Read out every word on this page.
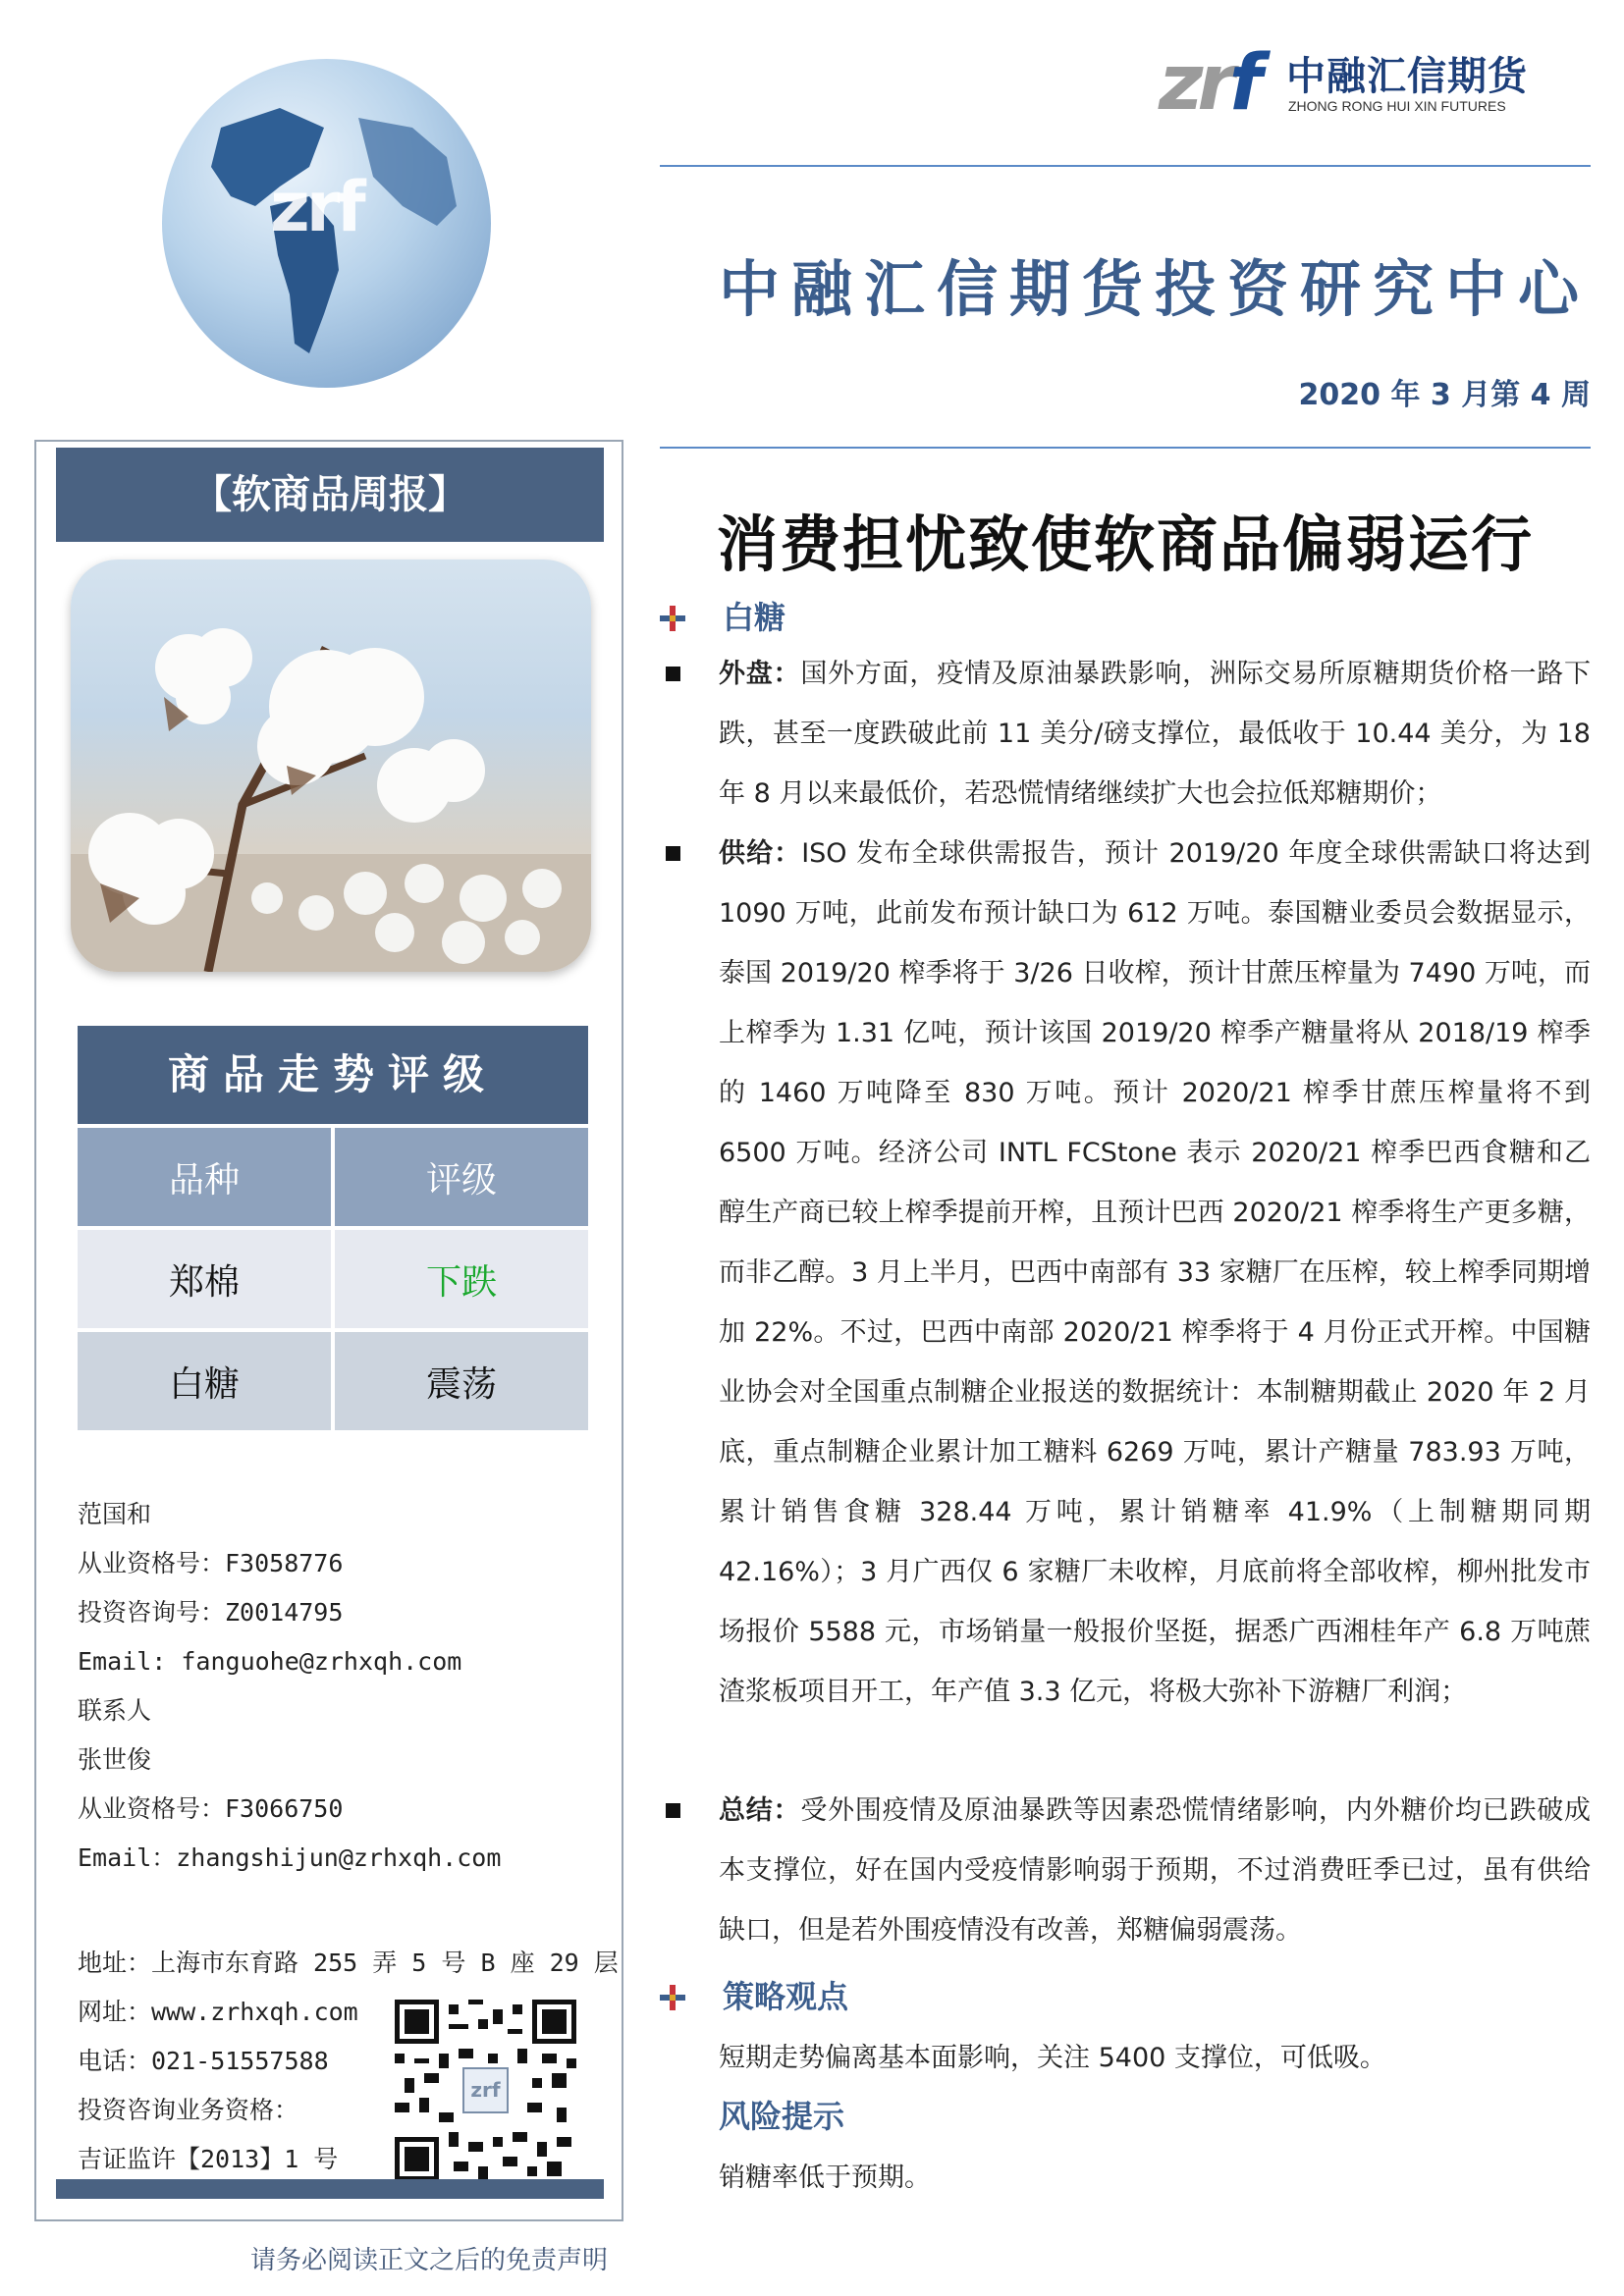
zrf
zrf 中融汇信期货
ZHONG RONG HUI XIN FUTURES
中融汇信期货投资研究中心
2020 年 3 月第 4 周
消费担忧致使软商品偏弱运行
【软商品周报】
商品走势评级
品种	评级
郑棉	下跌
白糖	震荡
范国和
从业资格号：F3058776
投资咨询号：Z0014795
Email: fanguohe@zrhxqh.com
联系人
张世俊
从业资格号：F3066750
Email：zhangshijun@zrhxqh.com
地址：上海市东育路 255 弄 5 号 B 座 29 层
网址：www.zrhxqh.com
电话：021-51557588
投资咨询业务资格：
吉证监许【2013】1 号
zrf
请务必阅读正文之后的免责声明
白糖
外盘：国外方面，疫情及原油暴跌影响，洲际交易所原糖期货价格一路下跌，甚至一度跌破此前 11 美分/磅支撑位，最低收于 10.44 美分，为 18 年 8 月以来最低价，若恐慌情绪继续扩大也会拉低郑糖期价；
供给：ISO 发布全球供需报告，预计 2019/20 年度全球供需缺口将达到 1090 万吨，此前发布预计缺口为 612 万吨。泰国糖业委员会数据显示，泰国 2019/20 榨季将于 3/26 日收榨，预计甘蔗压榨量为 7490 万吨，而上榨季为 1.31 亿吨，预计该国 2019/20 榨季产糖量将从 2018/19 榨季的 1460 万吨降至 830 万吨。预计 2020/21 榨季甘蔗压榨量将不到 6500 万吨。经济公司 INTL FCStone 表示 2020/21 榨季巴西食糖和乙醇生产商已较上榨季提前开榨，且预计巴西 2020/21 榨季将生产更多糖，而非乙醇。3 月上半月，巴西中南部有 33 家糖厂在压榨，较上榨季同期增加 22%。不过，巴西中南部 2020/21 榨季将于 4 月份正式开榨。中国糖业协会对全国重点制糖企业报送的数据统计：本制糖期截止 2020 年 2 月底，重点制糖企业累计加工糖料 6269 万吨，累计产糖量 783.93 万吨，累计销售食糖 328.44 万吨，累计销糖率 41.9%（上制糖期同期 42.16%）；3 月广西仅 6 家糖厂未收榨，月底前将全部收榨，柳州批发市场报价 5588 元，市场销量一般报价坚挺，据悉广西湘桂年产 6.8 万吨蔗渣浆板项目开工，年产值 3.3 亿元，将极大弥补下游糖厂利润；
总结：受外围疫情及原油暴跌等因素恐慌情绪影响，内外糖价均已跌破成本支撑位，好在国内受疫情影响弱于预期，不过消费旺季已过，虽有供给缺口，但是若外围疫情没有改善，郑糖偏弱震荡。
策略观点
短期走势偏离基本面影响，关注 5400 支撑位，可低吸。
风险提示
销糖率低于预期。
